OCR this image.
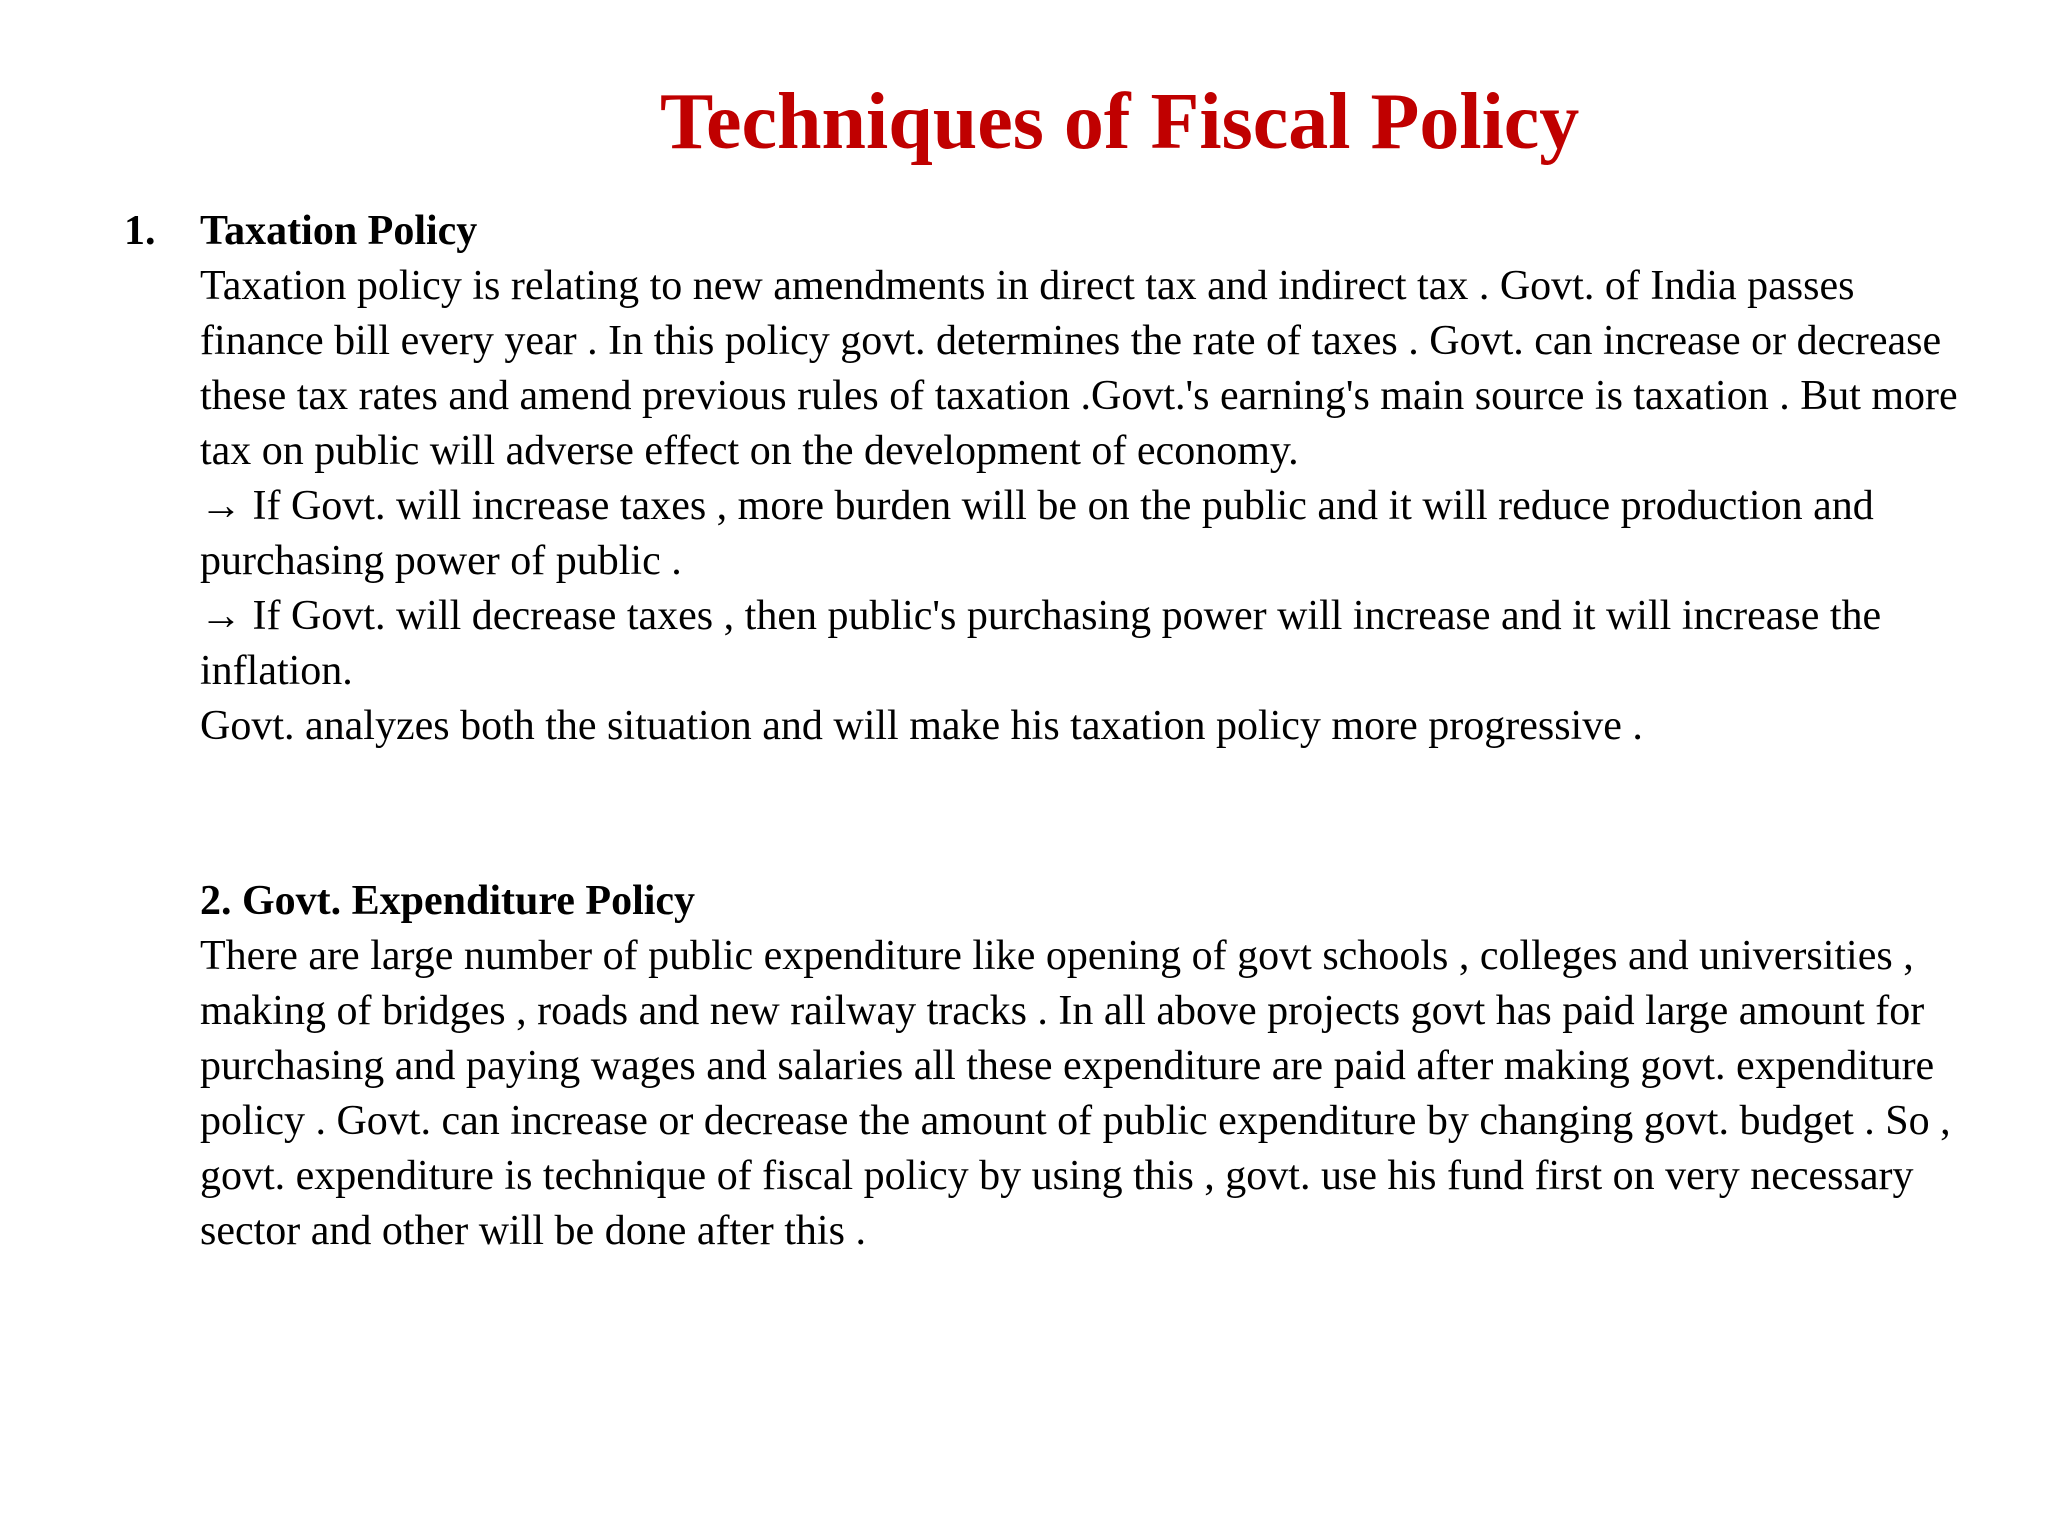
Techniques of Fiscal Policy
1.	Taxation Policy

Taxation policy is relating to new amendments in direct tax and indirect tax . Govt. of India passes finance bill every year . In this policy govt. determines the rate of taxes . Govt. can increase or decrease these tax rates and amend previous rules of taxation .Govt.'s earning's main source is taxation . But more tax on public will adverse effect on the development of economy.

→ If Govt. will increase taxes , more burden will be on the public and it will reduce production and purchasing power of public .

→ If Govt. will decrease taxes , then public's purchasing power will increase and it will increase the inflation.

Govt. analyzes both the situation and will make his taxation policy more progressive .

2. Govt. Expenditure Policy

There are large number of public expenditure like opening of govt schools , colleges and universities , making of bridges , roads and new railway tracks . In all above projects govt has paid large amount for purchasing and paying wages and salaries all these expenditure are paid after making govt. expenditure policy . Govt. can increase or decrease the amount of public expenditure by changing govt. budget . So , govt. expenditure is technique of fiscal policy by using this , govt. use his fund first on very necessary sector and other will be done after this .
